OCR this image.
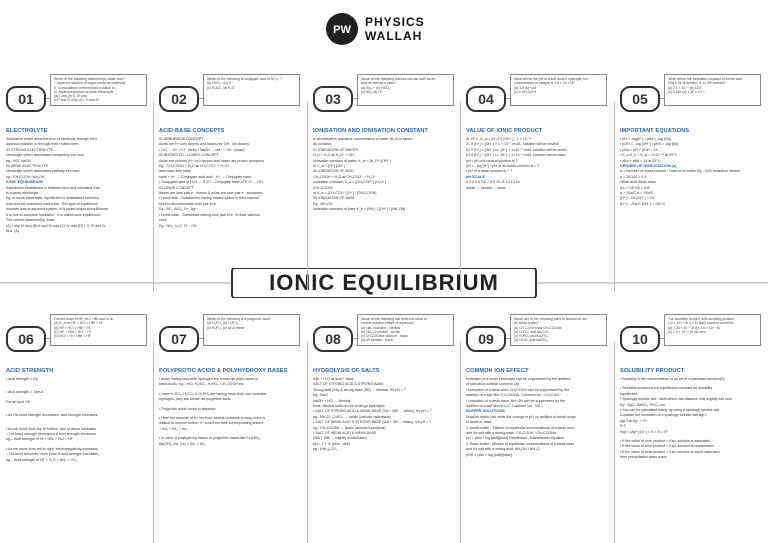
PW
PHYSICS
WALLAH
IONIC EQUILIBRIUM
01
Which of the following statement(s) is/are true?
I. Aqueous solution of sugar conducts electricity
II. Conductance of electrolytic solution is ...
III. Aqueous solution of weak electrolyte ...
(a) I only (b) II, III only
(c) I and III only (d) I, II and III
ELECTROLYTE
Substance which allow the flow of electricity through their
aqueous solution or through their molten form.
01 STRONG ELECTROLYTE
electrolyte which dissociates completely into ions.
eg.: HCl, NaOH
02 WEAK ELECTROLYTE
electrolyte which dissociates partially into ions.
eg.: CH₃COOH, NH₄OH
IONIC EQUILIBRIUM
Equilibrium established in between ions and unionised Salt
in a weak electrolyte.
Eg. In weak electrolyte, equilibrium is established between
ions and the unionised molecules. This type of equilibrium
involves ions in aqueous system. It is called physical equilibrium.
It is due to complete ionization . It is called ionic equilibrium.
The correct statement(s) is/are
(A) I and IV only (B) II and III only (C) IV only (D) I, II, III and IV
Ans. (A)
02
Which of the following is conjugate acid of SO₄²⁻?
(a) HSO₄⁻ (b) H⁺
(c) H₂SO₄ (d) H₂O
ACID-BASE CONCEPTS
01 ARRHENIUS CONCEPT
Acids are H⁺ ions donors and bases are OH⁻ ion donors.
• HCl → H⁺ + Cl⁻ (acid) • NaOH → Na⁺ + OH⁻ (base)
02 BRONSTED - LOWRY CONCEPT
Acids are protons (H⁺ ion) donors and bases are proton acceptors.
Eg.: CH₃COOH + H₂O ⇌ CH₃COO⁻ + H₃O⁺
acid base acid base
base + H⁺ → Conjugate acid acid - H⁺ → Conjugate base
• Conjugate acid of H₂O → H₃O⁺ • Conjugate base of H₂O → OH⁻
03 LEWIS CONCEPT
Bases are lone pair e⁻ donors & acids are lone pair e⁻ acceptors.
• Lewis acid - Substances having Vacant space in their valence
shell to accommodate lone pair of e⁻
Eg.: BF₃, AlCl₃, H⁺, Ag⁺
• Lewis base - Substance having lone pair of e⁻ in their valence
shell
Eg.: NH₃, H₂O, Cl⁻, OH⁻
03
Which of the following species can act both as an
acid as well as a base?
(a) SO₄²⁻ (b) HSO₄⁻
(c) SO₃ (d) Cl⁻
IONISATION AND IONISATION CONSTANT
In all ionisation reactions concentration of water [H₂O] is taken
as constant
01 IONISATION OF WATER
H₂O + H₂O ⇌ H₃O⁺ + OH⁻
Ionisation constant of water, K_w = [H₃O⁺] [OH⁻]
or K_w = [H⁺] [OH⁻]
02 IONISATION OF ACID
CH₃COOH + H₂O ⇌ CH₃COO⁻ + H₃O⁺
Ionisation constant, K_a = [CH₃COO⁻] [H₃O⁺]
[CH₃COOH]
or K_a = [CH₃COO⁻] [H⁺] / [CH₃COOH]
03 IONISATION OF BASE
Eg.: NH₄OH
Ionisation constant of base K_b = [NH₄⁺] [OH⁻] / [NH₄OH]
04
What will be the pH of a soft drink if hydrogen ion
concentration in sample is 3.8 × 10⁻³ M?
(a) 3.8 (b) 9.64
(c) 2.42 (d) 9.5
VALUE OF IONIC PRODUCT
At 25°C, K_w = [H₃O⁺] [OH⁻] = 1 × 10⁻¹⁴
01 If [H⁺] = [OH⁻] = 1 × 10⁻⁷ mol/L, solution will be neutral
02 If [H⁺] > [OH⁻] i.e. [H⁺] > 1×10⁻⁷ mol/L solution will be acidic
03 If [H⁺] < [OH⁻] i.e. [H⁺] < 1×10⁻⁷ mol/L solution will be basic
pH • pH of a neutral solution is 7
pH = - log [H⁺] • pH of an acidic solution is < 7
• pH of a basic solution is > 7
pH SCALE
0 1 2 3 4 5 6 7 8 9 10 11 12 13 14
acidic ← neutral → basic
05
What will be the ionisation constant of formic acid
if its 0.01 M solution is 14.5% ionised?
(a) 2.1 × 10⁻⁴ (b) 14.5
(c) 0.145 (d) 1.45 × 10⁻²
IMPORTANT EQUATIONS
• pH = -log[H⁺] • pKa = -log [Ka]
• pOH = - log [OH⁻] • pKb = -log [Kb]
• pKw = pH + pOH = 14
• K_a·K_b = K_w = 1×10⁻¹⁴ at 25°C
• pKa + pKb = 14 at 25°C
DEGREE OF DISSOCIATION (α)
α = Number of moles ionised / Total no of moles Eg.- 30% ionisation means
α = 30/100 = 0.3
Weak acid Weak base
Ka = Cα² Kb = Cα²
α = √Ka/C α = √Kb/C
[H⁺] = Cα [OH⁻] = Cα
[H⁺] = √Ka·C [OH⁻] = √Kb·C
06
Correct order of HF, HCl, HBr and HI is:
(A) K_a for HF > HCl > HBr > HI
(B) HF < HCl < HBr < HI
(C) HF > HBr > HCl > HI
(D) HCl < HI < HBr < HF
ACID STRENGTH
• acid strength ∝ Ka
• acid strength ∝ 1/pKa
For an acid HA
• As HA bond strength decreases, acid strength increases
• As we move from top to bottom, size of anion increases
∴ HA bond strength decreases & acid strength increases.
eg.:- Acid strength of HI > HBr > HCl > HF
• As we move from left to right, electronegativity increases
∴ HA bond becomes more polar & acid strength increases.
eg.:- Acid strength of HF > H₂O > NH₃ > CH₄
07
Which of the following is a polyprotic acid?
(a) H₃PO₄ (b) H₃PO₃
(c) H₃PO₂ (d) all of these
POLYPROTIC ACIDS & POLYHYDROXY BASES
• Acids having ionizable hydrogen are known as protic acids or
basic acids. eg.:- HCl, H₂SO₄, H₃PO₄, CH₃COOH etc
• Have H₂SO₄, H₂CO₃ & H₃PO₄ are having more than one ionizable
hydrogen, they are known as polyprotic acids.
• Polyprotic acids ionise in stepwise.
• Here the removal of H⁺ ion from neutral molecule is easy, but it is
difficult to remove further H⁺ ions from their corresponding anions.
∴ Ka₁ > Ka₂ > Ka₃
• In case of polyhydroxy bases or polyacidic bases like Fe(OH)₃,
Ba(OH)₂ etc. Kb₁ > Kb₂ > Kb₃
08
Which of the following salt does not show in
correct solution nature of aqueous?
(a) NaCl solution - Neutral
(b) NH₄Cl solution - Acidic
(c) CH₃COONa solution - basic
(d) All solution - basic
HYDROLYSIS OF SALTS
Salt + H₂O ⇌ acid + base
SALT OF STRONG ACID & STRONG BASE
Strong acid (SA) & strong base (SB) → Neutral, it's pH = 7
eg.: NaCl
NaOH + HCl → Neutral
Note: Neutral salts do not undergo hydrolysis
• SALT OF STRONG ACID & WEAK BASE (SA + WB → acidic), it's pH < 7
eg.: NH₄Cl, CuSO₄ → acidic (cationic hydrolysis)
• SALT OF WEAK ACID & STRONG BASE (WA + SB → Basic), it's pH > 7
eg.: CH₃COONa → Basic (anionic hydrolysis)
• SALT OF WEAK ACID & WEAK BASE
(WA + WB → slightly acidic/basic)
pH = 7 + ½ (pKa - pKb)
eg.: (NH₄)₂CO₃
09
Which are of the following pairs of solution is not
an acidic buffer?
(a) CH₃COOH and CH₃COONa
(b) H₂CO₃ and Na₂CO₃
(c) H₃PO₄ and Na₃PO₄
(d) HClO₄ and NaClO₄
COMMON ION EFFECT
Ionisation of a weak electrolyte can be suppressed by the addition
of salt which contain common ion.
• Ionisation of a weak acid, CH₃COOH can be suppressed by the
addition of a salt like CH₃COONa. Common ion : CH₃COO⁻
• Ionisation of a weak base, NH₄OH can be suppressed by the
addition of a salt like NH₄Cl. Common ion : NH₄⁺
BUFFER SOLUTIONS
Solution which can resist the change in pH on addition of small drops
of acids or base.
1. Acidic buffer - Mixture of equimolar concentrations of a weak acid
and it's salt with a strong base. CH₃COOH / CH₃COONa
pH = pKa + log [salt]/[acid] Henderson - Hasselbalch equation
2. Basic buffer - Mixture of equimolar concentrations of a weak base
and it's salt with a strong acid. NH₄OH / NH₄Cl
pOH = pKb + log [salt]/[base]
10
The solubility of AgCl, with solubility product
1.6 × 10⁻¹⁰ in 0.1 M NaCl solution would be
(a) 1.26 × 10⁻⁵ M (b) 1.6 × 10⁻⁹ M
(c) 1.6 × 10⁻¹¹ M (d) zero
SOLUBILITY PRODUCT
• Solubility is the concentration of an ion in a saturated solution(S)
• Solubility product is the equilibrium constant for solubility
equilibrium.
• Sparingly soluble salt - salts which can dissolve only slightly into ions
Eg.: AgCl, BaSO₄, PbCl₂ etc.
• Ksp can be calculated easily by using a sparingly soluble salt
Consider the ionisation of a sparingly soluble salt AgCl
AgCl ⇌ Ag⁺ + Cl⁻
S S
Ksp = [Ag⁺] [Cl⁻] = S × S = S²
• If the value of ionic product > Ksp, solution is saturated.
• If the value of ionic product < Ksp, solution is unsaturated.
• If the value of ionic product > Ksp, solution is super saturated,
here precipitation takes place
